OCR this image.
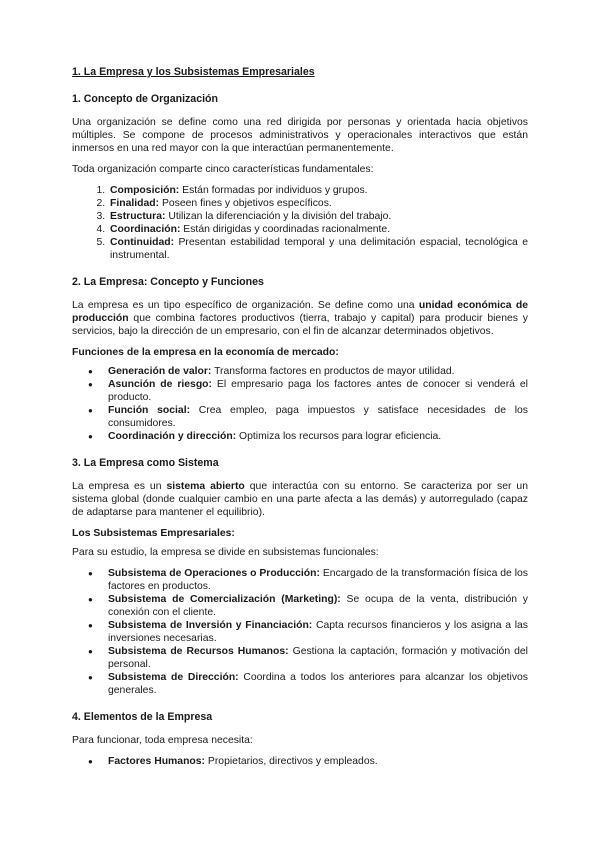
1. La Empresa y los Subsistemas Empresariales
1. Concepto de Organización

Una organización se define como una red dirigida por personas y orientada hacia objetivos múltiples. Se compone de procesos administrativos y operacionales interactivos que están inmersos en una red mayor con la que interactúan permanentemente.

Toda organización comparte cinco características fundamentales:

1. Composición: Están formadas por individuos y grupos.
2. Finalidad: Poseen fines y objetivos específicos.
3. Estructura: Utilizan la diferenciación y la división del trabajo.
4. Coordinación: Están dirigidas y coordinadas racionalmente.
5. Continuidad: Presentan estabilidad temporal y una delimitación espacial, tecnológica e instrumental.
2. La Empresa: Concepto y Funciones

La empresa es un tipo específico de organización. Se define como una unidad económica de producción que combina factores productivos (tierra, trabajo y capital) para producir bienes y servicios, bajo la dirección de un empresario, con el fin de alcanzar determinados objetivos.

Funciones de la empresa en la economía de mercado:
● Generación de valor: Transforma factores en productos de mayor utilidad.
● Asunción de riesgo: El empresario paga los factores antes de conocer si venderá el producto.
● Función social: Crea empleo, paga impuestos y satisface necesidades de los consumidores.
● Coordinación y dirección: Optimiza los recursos para lograr eficiencia.
3. La Empresa como Sistema

La empresa es un sistema abierto que interactúa con su entorno. Se caracteriza por ser un sistema global (donde cualquier cambio en una parte afecta a las demás) y autorregulado (capaz de adaptarse para mantener el equilibrio).

Los Subsistemas Empresariales:

Para su estudio, la empresa se divide en subsistemas funcionales:

● Subsistema de Operaciones o Producción: Encargado de la transformación física de los factores en productos.
● Subsistema de Comercialización (Marketing): Se ocupa de la venta, distribución y conexión con el cliente.
● Subsistema de Inversión y Financiación: Capta recursos financieros y los asigna a las inversiones necesarias.
● Subsistema de Recursos Humanos: Gestiona la captación, formación y motivación del personal.
● Subsistema de Dirección: Coordina a todos los anteriores para alcanzar los objetivos generales.
4. Elementos de la Empresa

Para funcionar, toda empresa necesita:

● Factores Humanos: Propietarios, directivos y empleados.
